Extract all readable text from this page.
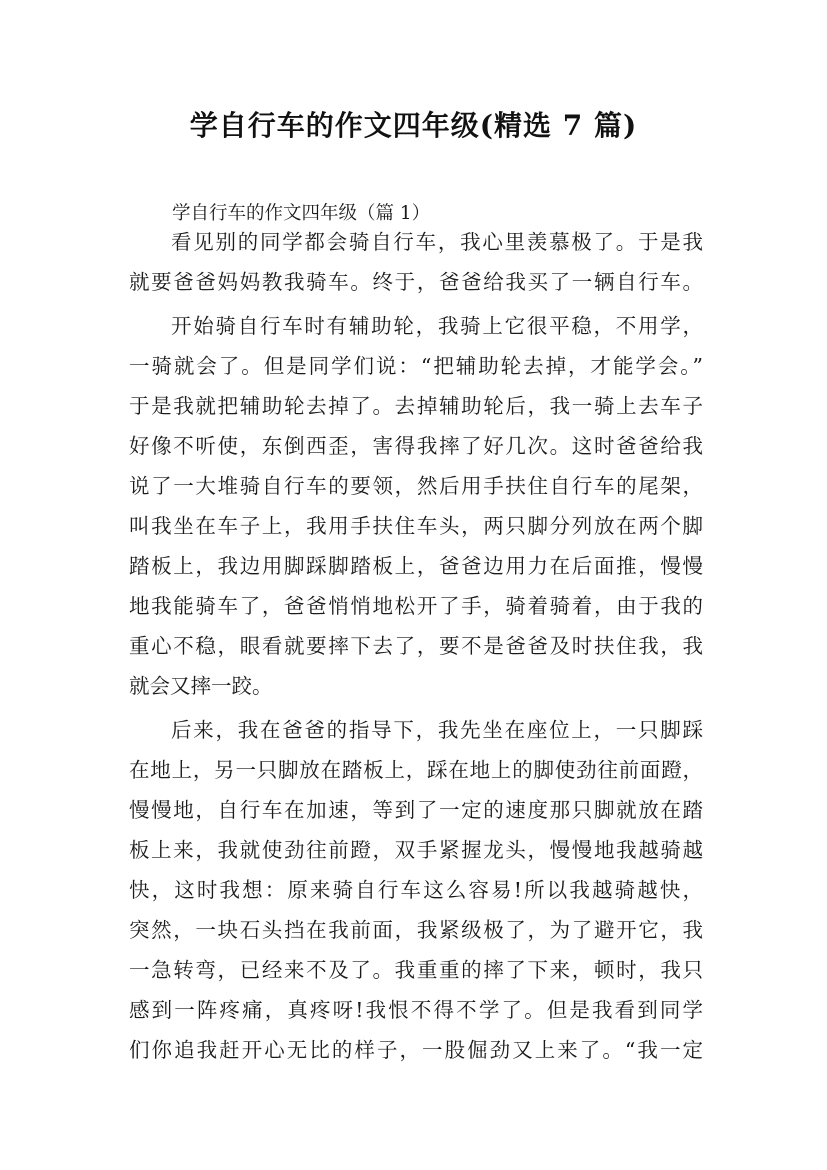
学自行车的作文四年级(精选 7 篇)
学自行车的作文四年级（篇 1）
看见别的同学都会骑自行车，我心里羡慕极了。于是我
就要爸爸妈妈教我骑车。终于，爸爸给我买了一辆自行车。
开始骑自行车时有辅助轮，我骑上它很平稳，不用学，
一骑就会了。但是同学们说：“把辅助轮去掉，才能学会。”
于是我就把辅助轮去掉了。去掉辅助轮后，我一骑上去车子
好像不听使，东倒西歪，害得我摔了好几次。这时爸爸给我
说了一大堆骑自行车的要领，然后用手扶住自行车的尾架，
叫我坐在车子上，我用手扶住车头，两只脚分列放在两个脚
踏板上，我边用脚踩脚踏板上，爸爸边用力在后面推，慢慢
地我能骑车了，爸爸悄悄地松开了手，骑着骑着，由于我的
重心不稳，眼看就要摔下去了，要不是爸爸及时扶住我，我
就会又摔一跤。
后来，我在爸爸的指导下，我先坐在座位上，一只脚踩
在地上，另一只脚放在踏板上，踩在地上的脚使劲往前面蹬，
慢慢地，自行车在加速，等到了一定的速度那只脚就放在踏
板上来，我就使劲往前蹬，双手紧握龙头，慢慢地我越骑越
快，这时我想：原来骑自行车这么容易!所以我越骑越快，
突然，一块石头挡在我前面，我紧级极了，为了避开它，我
一急转弯，已经来不及了。我重重的摔了下来，顿时，我只
感到一阵疼痛，真疼呀!我恨不得不学了。但是我看到同学
们你追我赶开心无比的样子，一股倔劲又上来了。“我一定
